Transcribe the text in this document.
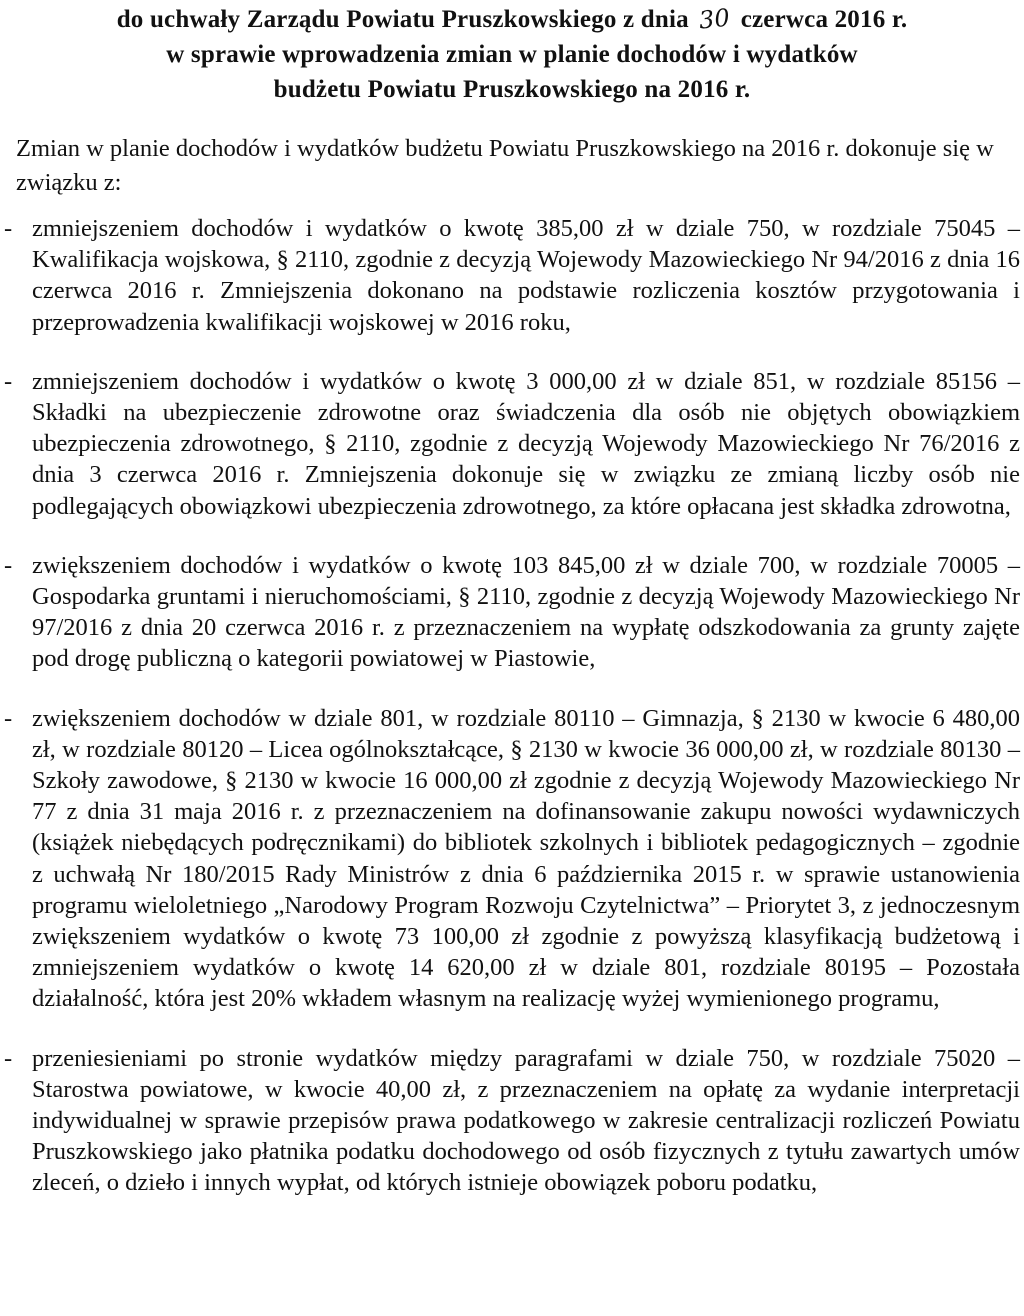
do uchwały Zarządu Powiatu Pruszkowskiego z dnia 30 czerwca 2016 r.
w sprawie wprowadzenia zmian w planie dochodów i wydatków
budżetu Powiatu Pruszkowskiego na 2016 r.
Zmian w planie dochodów i wydatków budżetu Powiatu Pruszkowskiego na 2016 r. dokonuje się w związku z:
- zmniejszeniem dochodów i wydatków o kwotę 385,00 zł w dziale 750, w rozdziale 75045 – Kwalifikacja wojskowa, § 2110, zgodnie z decyzją Wojewody Mazowieckiego Nr 94/2016 z dnia 16 czerwca 2016 r. Zmniejszenia dokonano na podstawie rozliczenia kosztów przygotowania i przeprowadzenia kwalifikacji wojskowej w 2016 roku,
- zmniejszeniem dochodów i wydatków o kwotę 3 000,00 zł w dziale 851, w rozdziale 85156 – Składki na ubezpieczenie zdrowotne oraz świadczenia dla osób nie objętych obowiązkiem ubezpieczenia zdrowotnego, § 2110, zgodnie z decyzją Wojewody Mazowieckiego Nr 76/2016 z dnia 3 czerwca 2016 r. Zmniejszenia dokonuje się w związku ze zmianą liczby osób nie podlegających obowiązkowi ubezpieczenia zdrowotnego, za które opłacana jest składka zdrowotna,
- zwiększeniem dochodów i wydatków o kwotę 103 845,00 zł w dziale 700, w rozdziale 70005 – Gospodarka gruntami i nieruchomościami, § 2110, zgodnie z decyzją Wojewody Mazowieckiego Nr 97/2016 z dnia 20 czerwca 2016 r. z przeznaczeniem na wypłatę odszkodowania za grunty zajęte pod drogę publiczną o kategorii powiatowej w Piastowie,
- zwiększeniem dochodów w dziale 801, w rozdziale 80110 – Gimnazja, § 2130 w kwocie 6 480,00 zł, w rozdziale 80120 – Licea ogólnokształcące, § 2130 w kwocie 36 000,00 zł, w rozdziale 80130 – Szkoły zawodowe, § 2130 w kwocie 16 000,00 zł zgodnie z decyzją Wojewody Mazowieckiego Nr 77 z dnia 31 maja 2016 r. z przeznaczeniem na dofinansowanie zakupu nowości wydawniczych (książek niebędących podręcznikami) do bibliotek szkolnych i bibliotek pedagogicznych – zgodnie z uchwałą Nr 180/2015 Rady Ministrów z dnia 6 października 2015 r. w sprawie ustanowienia programu wieloletniego „Narodowy Program Rozwoju Czytelnictwa” – Priorytet 3, z jednoczesnym zwiększeniem wydatków o kwotę 73 100,00 zł zgodnie z powyższą klasyfikacją budżetową i zmniejszeniem wydatków o kwotę 14 620,00 zł w dziale 801, rozdziale 80195 – Pozostała działalność, która jest 20% wkładem własnym na realizację wyżej wymienionego programu,
- przeniesieniami po stronie wydatków między paragrafami w dziale 750, w rozdziale 75020 – Starostwa powiatowe, w kwocie 40,00 zł, z przeznaczeniem na opłatę za wydanie interpretacji indywidualnej w sprawie przepisów prawa podatkowego w zakresie centralizacji rozliczeń Powiatu Pruszkowskiego jako płatnika podatku dochodowego od osób fizycznych z tytułu zawartych umów zleceń, o dzieło i innych wypłat, od których istnieje obowiązek poboru podatku,
